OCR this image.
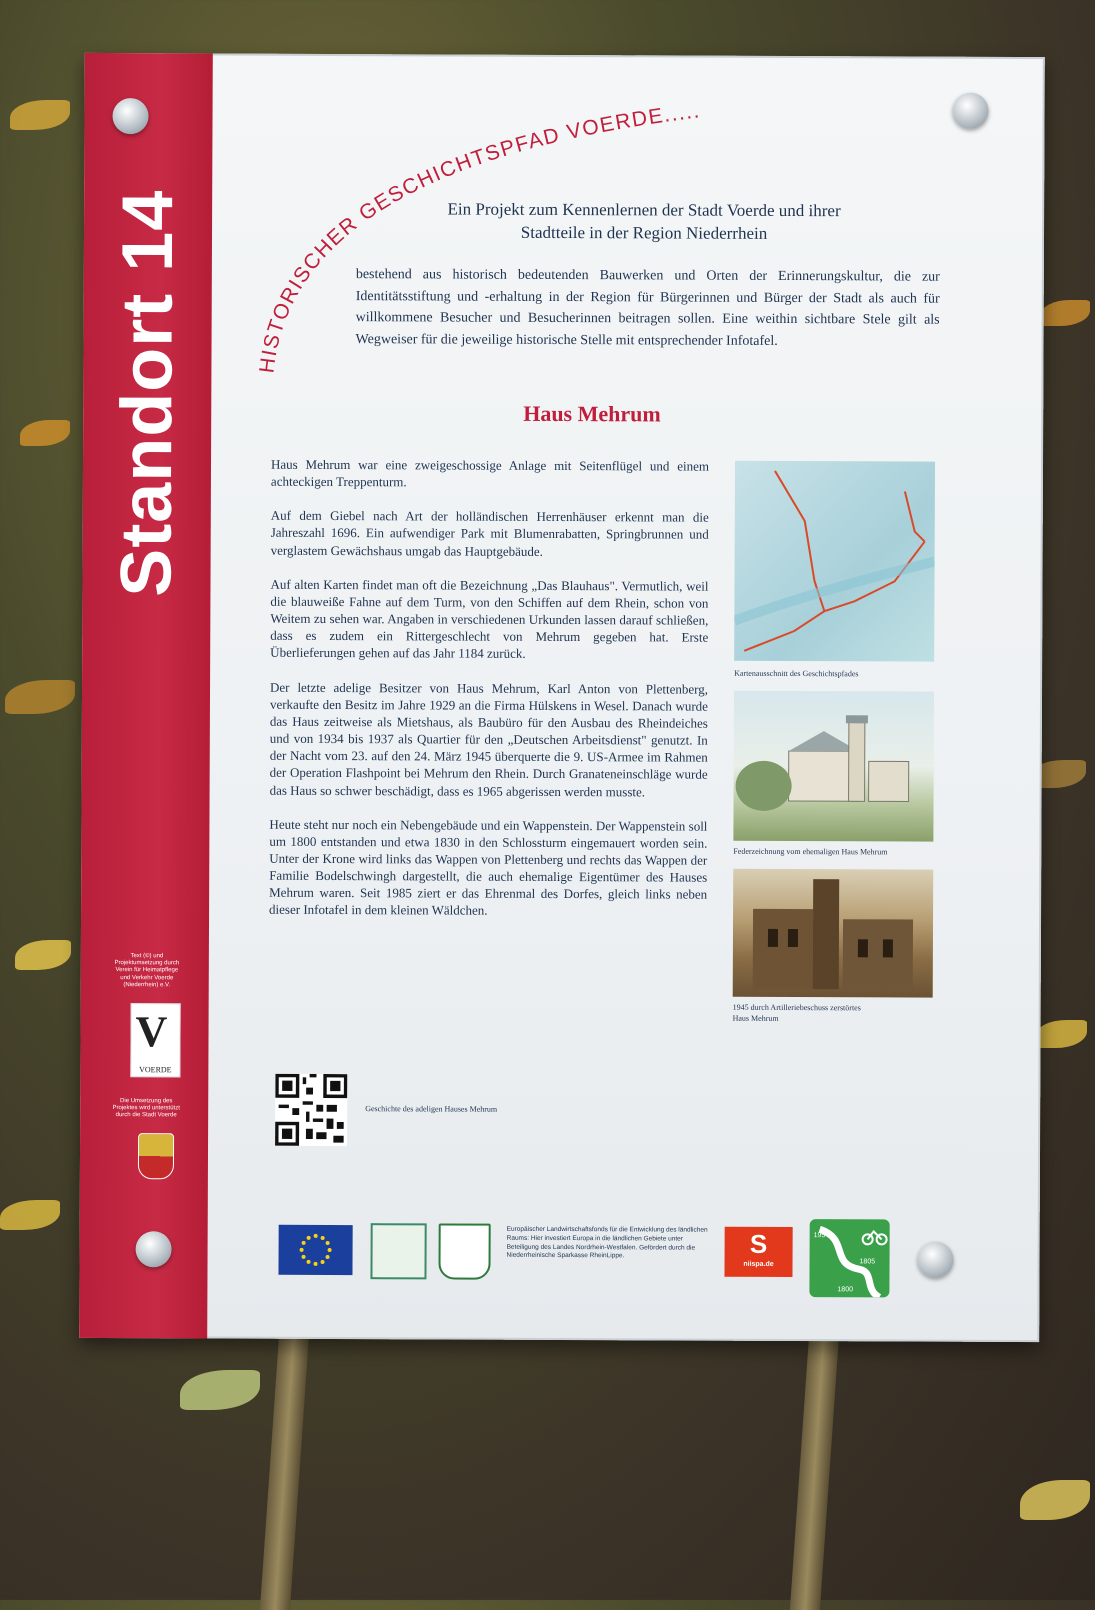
Standort 14
Text (©) und Projektumsetzung durch Verein für Heimatpflege und Verkehr Voerde (Niederrhein) e.V.
V
VOERDE
Die Umsetzung des Projektes wird unterstützt durch die Stadt Voerde
HISTORISCHER GESCHICHTSPFAD VOERDE.....
Ein Projekt zum Kennenlernen der Stadt Voerde und ihrer
Stadtteile in der Region Niederrhein
bestehend aus historisch bedeutenden Bauwerken und Orten der Erinnerungskultur, die zur Identitätsstiftung und -erhaltung in der Region für Bürgerinnen und Bürger der Stadt als auch für willkommene Besucher und Besucherinnen beitragen sollen. Eine weithin sichtbare Stele gilt als Wegweiser für die jeweilige historische Stelle mit entsprechender Infotafel.
Haus Mehrum

Haus Mehrum war eine zweigeschossige Anlage mit Seitenflügel und einem achteckigen Treppenturm.

Auf dem Giebel nach Art der holländischen Herrenhäuser erkennt man die Jahreszahl 1696. Ein aufwendiger Park mit Blumenrabatten, Springbrunnen und verglastem Gewächshaus umgab das Hauptgebäude.

Auf alten Karten findet man oft die Bezeichnung „Das Blauhaus". Vermutlich, weil die blauweiße Fahne auf dem Turm, von den Schiffen auf dem Rhein, schon von Weitem zu sehen war. Angaben in verschiedenen Urkunden lassen darauf schließen, dass es zudem ein Rittergeschlecht von Mehrum gegeben hat. Erste Überlieferungen gehen auf das Jahr 1184 zurück.

Der letzte adelige Besitzer von Haus Mehrum, Karl Anton von Plettenberg, verkaufte den Besitz im Jahre 1929 an die Firma Hülskens in Wesel. Danach wurde das Haus zeitweise als Mietshaus, als Baubüro für den Ausbau des Rheindeiches und von 1934 bis 1937 als Quartier für den „Deutschen Arbeitsdienst" genutzt. In der Nacht vom 23. auf den 24. März 1945 überquerte die 9. US-Armee im Rahmen der Operation Flashpoint bei Mehrum den Rhein. Durch Granateneinschläge wurde das Haus so schwer beschädigt, dass es 1965 abgerissen werden musste.

Heute steht nur noch ein Nebengebäude und ein Wappenstein. Der Wappenstein soll um 1800 entstanden und etwa 1830 in den Schlossturm eingemauert worden sein. Unter der Krone wird links das Wappen von Plettenberg und rechts das Wappen der Familie Bodelschwingh dargestellt, die auch ehemalige Eigentümer des Hauses Mehrum waren. Seit 1985 ziert er das Ehrenmal des Dorfes, gleich links neben dieser Infotafel in dem kleinen Wäldchen.

Kartenausschnitt des Geschichtspfades
Federzeichnung vom ehemaligen Haus Mehrum
1945 durch Artilleriebeschuss zerstörtes
Haus Mehrum
Geschichte des adeligen Hauses Mehrum
Europäischer Landwirtschaftsfonds für die Entwicklung des ländlichen Raums: Hier investiert Europa in die ländlichen Gebiete unter Beteiligung des Landes Nordrhein-Westfalen. Gefördert durch die Niederrheinische Sparkasse RheinLippe.	S
niispa.de
1954
1805
1800
